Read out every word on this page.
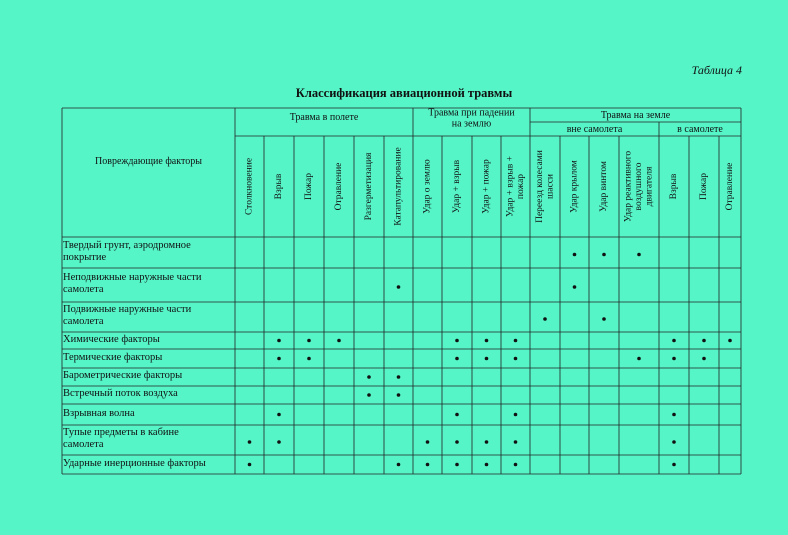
Таблица 4
Классификация авиационной травмы
Повреждающие факторы
Травма в полете	Травма при падении на землю
Травма на земле
вне самолета	в самолете
Столкновение Взрыв Пожар Отравление Разгерметизация Катапультирование Удар о землю Удар + взрыв Удар + пожар Удар + взрыв +пожар Переезд колесамишасси Удар крылом Удар винтом Удар реактивноговоздушногодвигателя Взрыв Пожар Отравление
Твердый грунт, аэродромное
покрытие
Неподвижные наружные части
самолета
Подвижные наружные части
самолета
Химические факторы
Термические факторы
Барометрические факторы
Встречный поток воздуха
Взрывная волна
Тупые предметы в кабине
самолета
Ударные инерционные факторы
